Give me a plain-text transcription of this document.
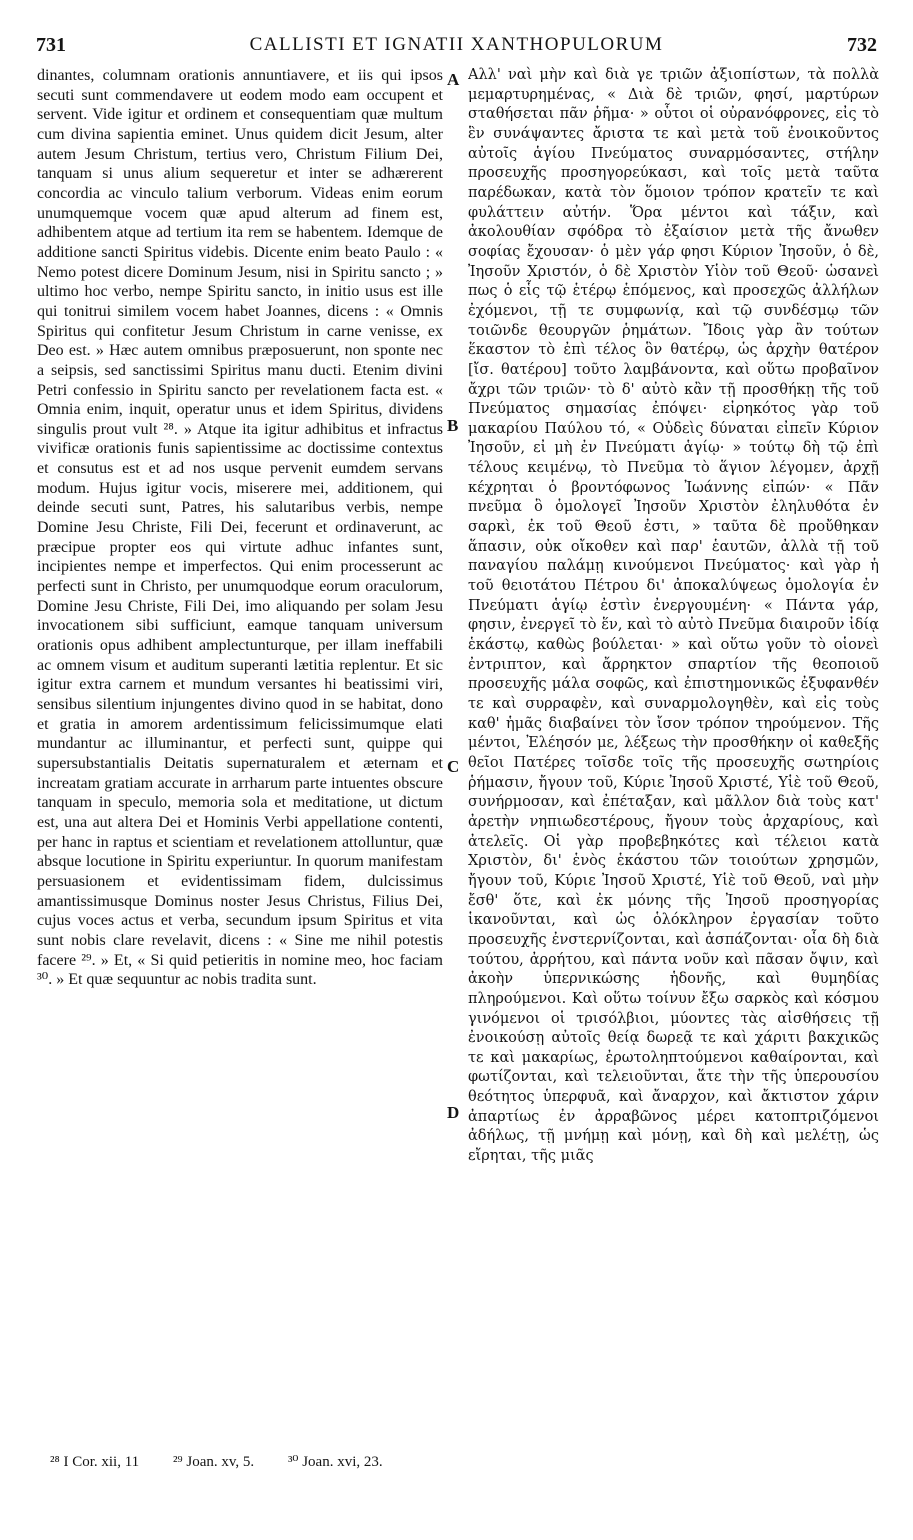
731	CALLISTI ET IGNATII XANTHOPULORUM	732

dinantes, columnam orationis annuntiavere, et iis qui ipsos secuti sunt commendavere ut eodem modo eam occupent et servent. Vide igitur et ordinem et consequentiam quæ multum cum divina sapientia eminet. Unus quidem dicit Jesum, alter autem Jesum Christum, tertius vero, Christum Filium Dei, tanquam si unus alium sequeretur et inter se adhærerent concordia ac vinculo talium verborum. Videas enim eorum unumquemque vocem quæ apud alterum ad finem est, adhibentem atque ad tertium ita rem se habentem. Idemque de additione sancti Spiritus videbis. Dicente enim beato Paulo : « Nemo potest dicere Dominum Jesum, nisi in Spiritu sancto ; » ultimo hoc verbo, nempe Spiritu sancto, in initio usus est ille qui tonitrui similem vocem habet Joannes, dicens : « Omnis Spiritus qui confitetur Jesum Christum in carne venisse, ex Deo est. » Hæc autem omnibus præposuerunt, non sponte nec a seipsis, sed sanctissimi Spiritus manu ducti. Etenim divini Petri confessio in Spiritu sancto per revelationem facta est. « Omnia enim, inquit, operatur unus et idem Spiritus, dividens singulis prout vult ²⁸. » Atque ita igitur adhibitus et infractus vivificæ orationis funis sapientissime ac doctissime contextus et consutus est et ad nos usque pervenit eumdem servans modum. Hujus igitur vocis, miserere mei, additionem, qui deinde secuti sunt, Patres, his salutaribus verbis, nempe Domine Jesu Christe, Fili Dei, fecerunt et ordinaverunt, ac præcipue propter eos qui virtute adhuc infantes sunt, incipientes nempe et imperfectos. Qui enim processerunt ac perfecti sunt in Christo, per unumquodque eorum oraculorum, Domine Jesu Christe, Fili Dei, imo aliquando per solam Jesu invocationem sibi sufficiunt, eamque tanquam universum orationis opus adhibent amplectunturque, per illam ineffabili ac omnem visum et auditum superanti lætitia replentur. Et sic igitur extra carnem et mundum versantes hi beatissimi viri, sensibus silentium injungentes divino quod in se habitat, dono et gratia in amorem ardentissimum felicissimumque elati mundantur ac illuminantur, et perfecti sunt, quippe qui supersubstantialis Deitatis supernaturalem et æternam et increatam gratiam accurate in arrharum parte intuentes obscure tanquam in speculo, memoria sola et meditatione, ut dictum est, una aut altera Dei et Hominis Verbi appellatione contenti, per hanc in raptus et scientiam et revelationem attolluntur, quæ absque locutione in Spiritu experiuntur. In quorum manifestam persuasionem et evidentissimam fidem, dulcissimus amantissimusque Dominus noster Jesus Christus, Filius Dei, cujus voces actus et verba, secundum ipsum Spiritus et vita sunt nobis clare revelavit, dicens : « Sine me nihil potestis facere ²⁹. » Et, « Si quid petieritis in nomine meo, hoc faciam ³⁰. » Et quæ sequuntur ac nobis tradita sunt.

A
B
C
D

Αλλ' ναὶ μὴν καὶ διὰ γε τριῶν ἀξιοπίστων, τὰ πολλὰ μεμαρτυρημένας, « Διὰ δὲ τριῶν, φησί, μαρτύρων σταθήσεται πᾶν ῥῆμα· » οὗτοι οἱ οὐρανόφρονες, εἰς τὸ ἓν συνάψαντες ἄριστα τε καὶ μετὰ τοῦ ἐνοικοῦντος αὐτοῖς ἁγίου Πνεύματος συναρμόσαντες, στήλην προσευχῆς προσηγορεύκασι, καὶ τοῖς μετὰ ταῦτα παρέδωκαν, κατὰ τὸν ὅμοιον τρόπον κρατεῖν τε καὶ φυλάττειν αὐτήν. Ὅρα μέντοι καὶ τάξιν, καὶ ἀκολουθίαν σφόδρα τὸ ἐξαίσιον μετὰ τῆς ἄνωθεν σοφίας ἔχουσαν· ὁ μὲν γάρ φησι Κύριον Ἰησοῦν, ὁ δὲ, Ἰησοῦν Χριστόν, ὁ δὲ Χριστὸν Υἱὸν τοῦ Θεοῦ· ὡσανεὶ πως ὁ εἷς τῷ ἑτέρῳ ἑπόμενος, καὶ προσεχῶς ἀλλήλων ἐχόμενοι, τῇ τε συμφωνίᾳ, καὶ τῷ συνδέσμῳ τῶν τοιῶνδε θεουργῶν ῥημάτων. Ἴδοις γὰρ ἂν τούτων ἕκαστον τὸ ἐπὶ τέλος ὃν θατέρῳ, ὡς ἀρχὴν θατέρον [ἴσ. θατέρου] τοῦτο λαμβάνοντα, καὶ οὕτω προβαῖνον ἄχρι τῶν τριῶν· τὸ δ' αὐτὸ κἂν τῇ προσθήκῃ τῆς τοῦ Πνεύματος σημασίας ἐπόψει· εἰρηκότος γὰρ τοῦ μακαρίου Παύλου τό, « Οὐδεὶς δύναται εἰπεῖν Κύριον Ἰησοῦν, εἰ μὴ ἐν Πνεύματι ἁγίῳ· » τούτῳ δὴ τῷ ἐπὶ τέλους κειμένῳ, τὸ Πνεῦμα τὸ ἅγιον λέγομεν, ἀρχῇ κέχρηται ὁ βροντόφωνος Ἰωάννης εἰπών· « Πᾶν πνεῦμα ὃ ὁμολογεῖ Ἰησοῦν Χριστὸν ἐληλυθότα ἐν σαρκὶ, ἐκ τοῦ Θεοῦ ἐστι, » ταῦτα δὲ προὔθηκαν ἅπασιν, οὐκ οἴκοθεν καὶ παρ' ἑαυτῶν, ἀλλὰ τῇ τοῦ παναγίου παλάμῃ κινούμενοι Πνεύματος· καὶ γὰρ ἡ τοῦ θειοτάτου Πέτρου δι' ἀποκαλύψεως ὁμολογία ἐν Πνεύματι ἁγίῳ ἐστὶν ἐνεργουμένη· « Πάντα γάρ, φησιν, ἐνεργεῖ τὸ ἕν, καὶ τὸ αὐτὸ Πνεῦμα διαιροῦν ἰδίᾳ ἑκάστῳ, καθὼς βούλεται· » καὶ οὕτω γοῦν τὸ οἱονεὶ ἐντριπτον, καὶ ἄρρηκτον σπαρτίον τῆς θεοποιοῦ προσευχῆς μάλα σοφῶς, καὶ ἐπιστημονικῶς ἐξυφανθέν τε καὶ συρραφὲν, καὶ συναρμολογηθὲν, καὶ εἰς τοὺς καθ' ἡμᾶς διαβαίνει τὸν ἴσον τρόπον τηρούμενον. Τῆς μέντοι, Ἐλέησόν με, λέξεως τὴν προσθήκην οἱ καθεξῆς θεῖοι Πατέρες τοῖσδε τοῖς τῆς προσευχῆς σωτηρίοις ῥήμασιν, ἤγουν τοῦ, Κύριε Ἰησοῦ Χριστέ, Υἱὲ τοῦ Θεοῦ, συνήρμοσαν, καὶ ἐπέταξαν, καὶ μᾶλλον διὰ τοὺς κατ' ἀρετὴν νηπιωδεστέρους, ἤγουν τοὺς ἀρχαρίους, καὶ ἀτελεῖς. Οἱ γὰρ προβεβηκότες καὶ τέλειοι κατὰ Χριστὸν, δι' ἑνὸς ἑκάστου τῶν τοιούτων χρησμῶν, ἤγουν τοῦ, Κύριε Ἰησοῦ Χριστέ, Υἱὲ τοῦ Θεοῦ, ναὶ μὴν ἔσθ' ὅτε, καὶ ἐκ μόνης τῆς Ἰησοῦ προσηγορίας ἱκανοῦνται, καὶ ὡς ὁλόκληρον ἐργασίαν τοῦτο προσευχῆς ἐνστερνίζονται, καὶ ἀσπάζονται· οἷα δὴ διὰ τούτου, ἀρρήτου, καὶ πάντα νοῦν καὶ πᾶσαν ὄψιν, καὶ ἀκοὴν ὑπερνικώσης ἡδονῆς, καὶ θυμηδίας πληρούμενοι. Καὶ οὕτω τοίνυν ἔξω σαρκὸς καὶ κόσμου γινόμενοι οἱ τρισόλβιοι, μύοντες τὰς αἰσθήσεις τῇ ἐνοικούσῃ αὐτοῖς θείᾳ δωρεᾷ τε καὶ χάριτι βακχικῶς τε καὶ μακαρίως, ἐρωτοληπτούμενοι καθαίρονται, καὶ φωτίζονται, καὶ τελειοῦνται, ἅτε τὴν τῆς ὑπερουσίου θεότητος ὑπερφυᾶ, καὶ ἄναρχον, καὶ ἄκτιστον χάριν ἀπαρτίως ἐν ἀρραβῶνος μέρει κατοπτριζόμενοι ἀδήλως, τῇ μνήμῃ καὶ μόνῃ, καὶ δὴ καὶ μελέτῃ, ὡς εἴρηται, τῆς μιᾶς

²⁸ I Cor. xii, 11 ²⁹ Joan. xv, 5. ³⁰ Joan. xvi, 23.
